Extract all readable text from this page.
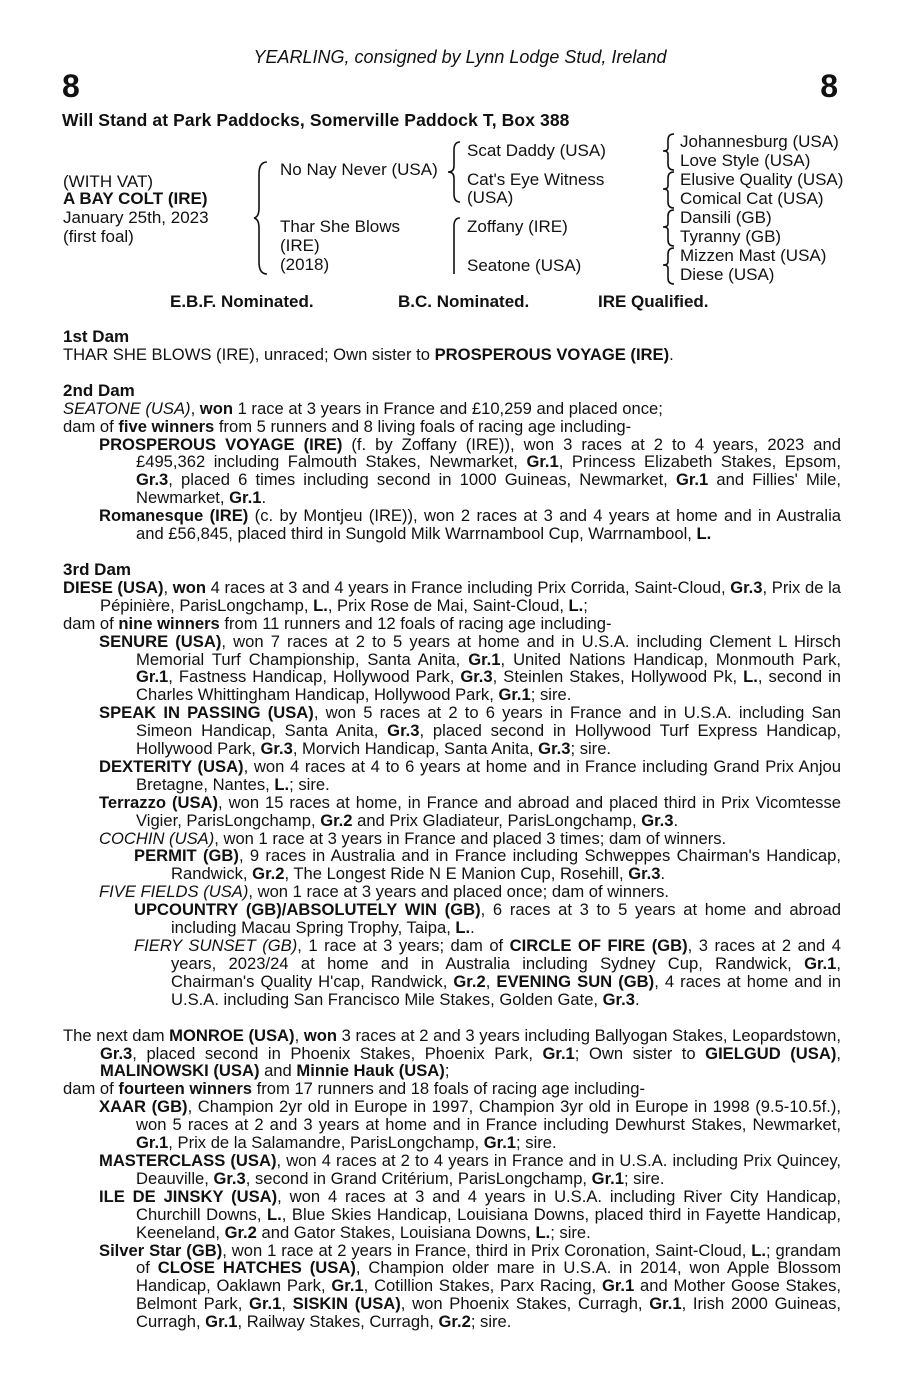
YEARLING, consigned by Lynn Lodge Stud, Ireland
8	8
Will Stand at Park Paddocks, Somerville Paddock T, Box 388
(WITH VAT)
A BAY COLT (IRE)
January 25th, 2023
(first foal)
No Nay Never (USA)
Thar She Blows
(IRE)
(2018)
Scat Daddy (USA)
Cat's Eye Witness
(USA)
Zoffany (IRE)
Seatone (USA)
Johannesburg (USA)
Love Style (USA)
Elusive Quality (USA)
Comical Cat (USA)
Dansili (GB)
Tyranny (GB)
Mizzen Mast (USA)
Diese (USA)
E.B.F. Nominated.	B.C. Nominated.	IRE Qualified.

1st Dam

THAR SHE BLOWS (IRE), unraced; Own sister to PROSPEROUS VOYAGE (IRE).

2nd Dam

SEATONE (USA), won 1 race at 3 years in France and £10,259 and placed once;

dam of five winners from 5 runners and 8 living foals of racing age including-

PROSPEROUS VOYAGE (IRE) (f. by Zoffany (IRE)), won 3 races at 2 to 4 years, 2023 and £495,362 including Falmouth Stakes, Newmarket, Gr.1, Princess Elizabeth Stakes, Epsom, Gr.3, placed 6 times including second in 1000 Guineas, Newmarket, Gr.1 and Fillies' Mile, Newmarket, Gr.1.

Romanesque (IRE) (c. by Montjeu (IRE)), won 2 races at 3 and 4 years at home and in Australia and £56,845, placed third in Sungold Milk Warrnambool Cup, Warrnambool, L.

3rd Dam

DIESE (USA), won 4 races at 3 and 4 years in France including Prix Corrida, Saint-Cloud, Gr.3, Prix de la Pépinière, ParisLongchamp, L., Prix Rose de Mai, Saint-Cloud, L.;

dam of nine winners from 11 runners and 12 foals of racing age including-

SENURE (USA), won 7 races at 2 to 5 years at home and in U.S.A. including Clement L Hirsch Memorial Turf Championship, Santa Anita, Gr.1, United Nations Handicap, Monmouth Park, Gr.1, Fastness Handicap, Hollywood Park, Gr.3, Steinlen Stakes, Hollywood Pk, L., second in Charles Whittingham Handicap, Hollywood Park, Gr.1; sire.

SPEAK IN PASSING (USA), won 5 races at 2 to 6 years in France and in U.S.A. including San Simeon Handicap, Santa Anita, Gr.3, placed second in Hollywood Turf Express Handicap, Hollywood Park, Gr.3, Morvich Handicap, Santa Anita, Gr.3; sire.

DEXTERITY (USA), won 4 races at 4 to 6 years at home and in France including Grand Prix Anjou Bretagne, Nantes, L.; sire.

Terrazzo (USA), won 15 races at home, in France and abroad and placed third in Prix Vicomtesse Vigier, ParisLongchamp, Gr.2 and Prix Gladiateur, ParisLongchamp, Gr.3.

COCHIN (USA), won 1 race at 3 years in France and placed 3 times; dam of winners.

PERMIT (GB), 9 races in Australia and in France including Schweppes Chairman's Handicap, Randwick, Gr.2, The Longest Ride N E Manion Cup, Rosehill, Gr.3.

FIVE FIELDS (USA), won 1 race at 3 years and placed once; dam of winners.

UPCOUNTRY (GB)/ABSOLUTELY WIN (GB), 6 races at 3 to 5 years at home and abroad including Macau Spring Trophy, Taipa, L..

FIERY SUNSET (GB), 1 race at 3 years; dam of CIRCLE OF FIRE (GB), 3 races at 2 and 4 years, 2023/24 at home and in Australia including Sydney Cup, Randwick, Gr.1, Chairman's Quality H'cap, Randwick, Gr.2, EVENING SUN (GB), 4 races at home and in U.S.A. including San Francisco Mile Stakes, Golden Gate, Gr.3.

The next dam MONROE (USA), won 3 races at 2 and 3 years including Ballyogan Stakes, Leopardstown, Gr.3, placed second in Phoenix Stakes, Phoenix Park, Gr.1; Own sister to GIELGUD (USA), MALINOWSKI (USA) and Minnie Hauk (USA);

dam of fourteen winners from 17 runners and 18 foals of racing age including-

XAAR (GB), Champion 2yr old in Europe in 1997, Champion 3yr old in Europe in 1998 (9.5-10.5f.), won 5 races at 2 and 3 years at home and in France including Dewhurst Stakes, Newmarket, Gr.1, Prix de la Salamandre, ParisLongchamp, Gr.1; sire.

MASTERCLASS (USA), won 4 races at 2 to 4 years in France and in U.S.A. including Prix Quincey, Deauville, Gr.3, second in Grand Critérium, ParisLongchamp, Gr.1; sire.

ILE DE JINSKY (USA), won 4 races at 3 and 4 years in U.S.A. including River City Handicap, Churchill Downs, L., Blue Skies Handicap, Louisiana Downs, placed third in Fayette Handicap, Keeneland, Gr.2 and Gator Stakes, Louisiana Downs, L.; sire.

Silver Star (GB), won 1 race at 2 years in France, third in Prix Coronation, Saint-Cloud, L.; grandam of CLOSE HATCHES (USA), Champion older mare in U.S.A. in 2014, won Apple Blossom Handicap, Oaklawn Park, Gr.1, Cotillion Stakes, Parx Racing, Gr.1 and Mother Goose Stakes, Belmont Park, Gr.1, SISKIN (USA), won Phoenix Stakes, Curragh, Gr.1, Irish 2000 Guineas, Curragh, Gr.1, Railway Stakes, Curragh, Gr.2; sire.
